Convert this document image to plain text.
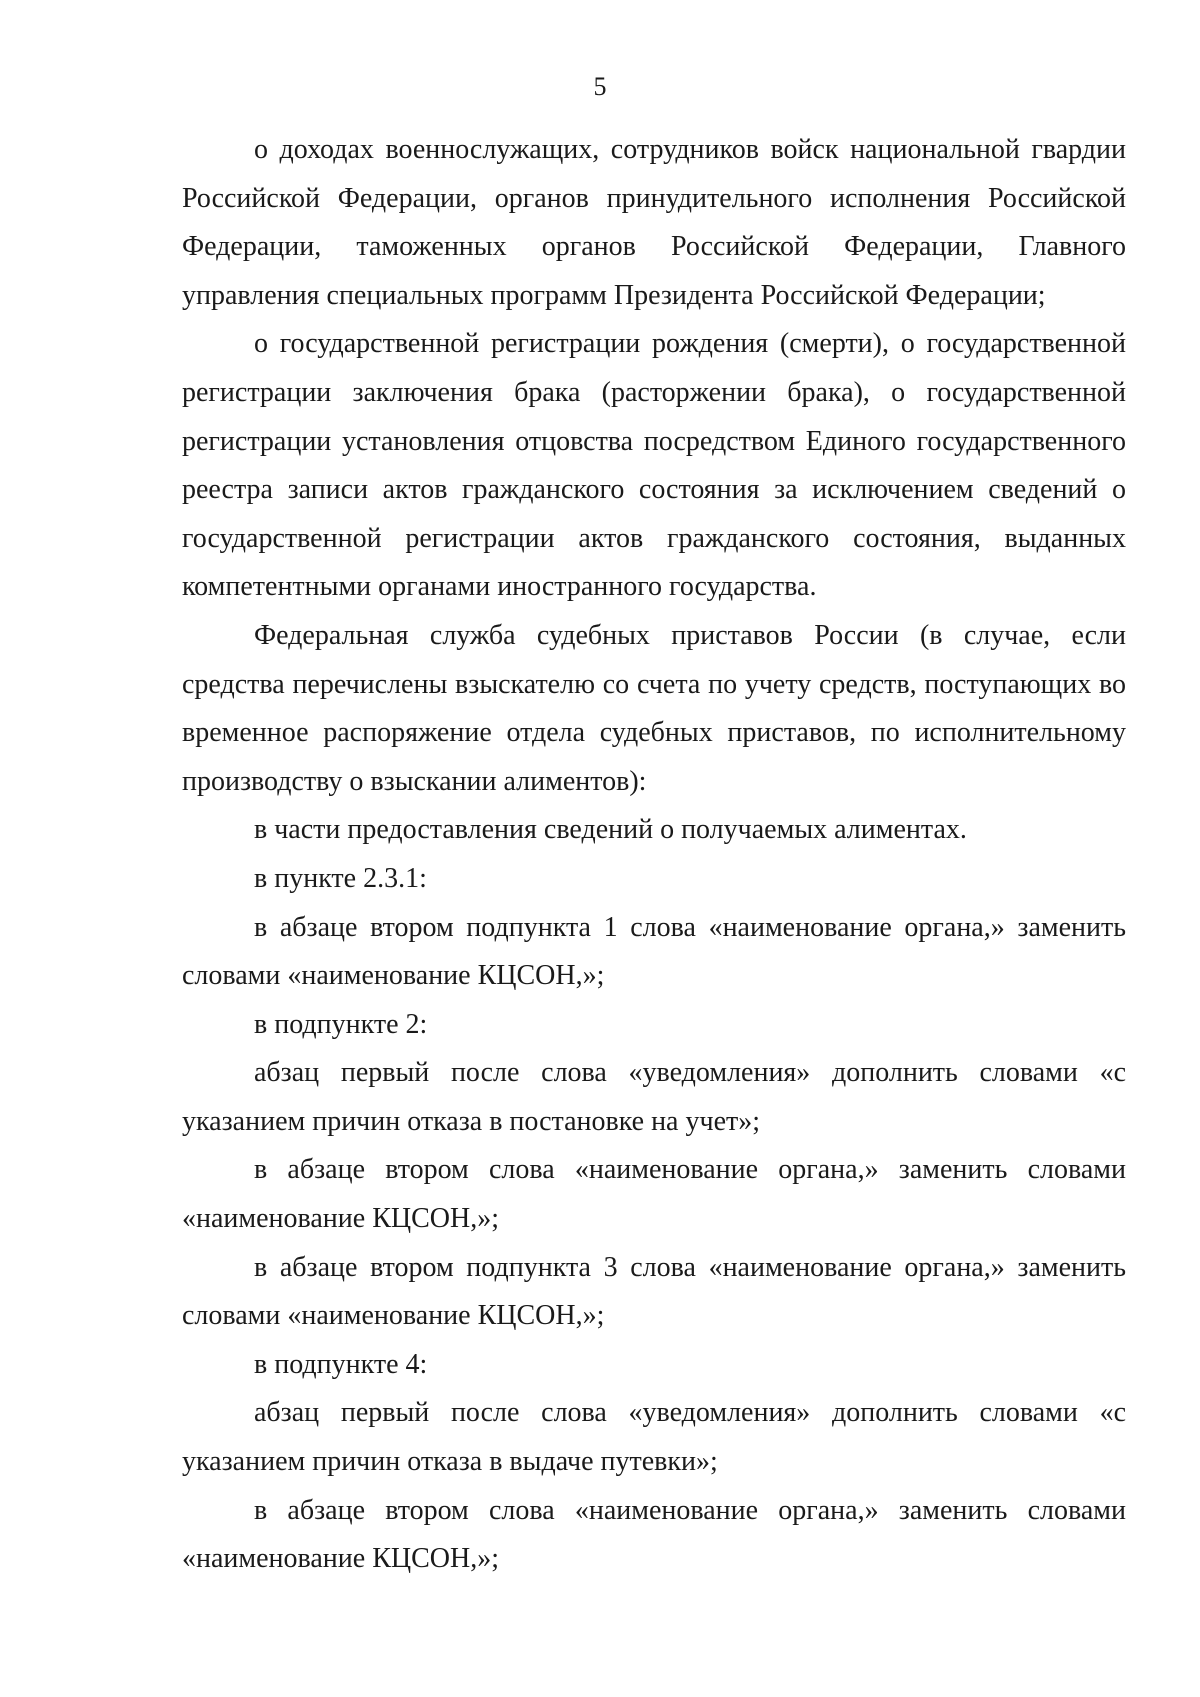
5

о доходах военнослужащих, сотрудников войск национальной гвардии Российской Федерации, органов принудительного исполнения Российской Федерации, таможенных органов Российской Федерации, Главного управления специальных программ Президента Российской Федерации;

о государственной регистрации рождения (смерти), о государственной регистрации заключения брака (расторжении брака), о государственной регистрации установления отцовства посредством Единого государственного реестра записи актов гражданского состояния за исключением сведений о государственной регистрации актов гражданского состояния, выданных компетентными органами иностранного государства.

Федеральная служба судебных приставов России (в случае, если средства перечислены взыскателю со счета по учету средств, поступающих во временное распоряжение отдела судебных приставов, по исполнительному производству о взыскании алиментов):

в части предоставления сведений о получаемых алиментах.

в пункте 2.3.1:

в абзаце втором подпункта 1 слова «наименование органа,» заменить словами «наименование КЦСОН,»;

в подпункте 2:

абзац первый после слова «уведомления» дополнить словами «с указанием причин отказа в постановке на учет»;

в абзаце втором слова «наименование органа,» заменить словами «наименование КЦСОН,»;

в абзаце втором подпункта 3 слова «наименование органа,» заменить словами «наименование КЦСОН,»;

в подпункте 4:

абзац первый после слова «уведомления» дополнить словами «с указанием причин отказа в выдаче путевки»;

в абзаце втором слова «наименование органа,» заменить словами «наименование КЦСОН,»;
